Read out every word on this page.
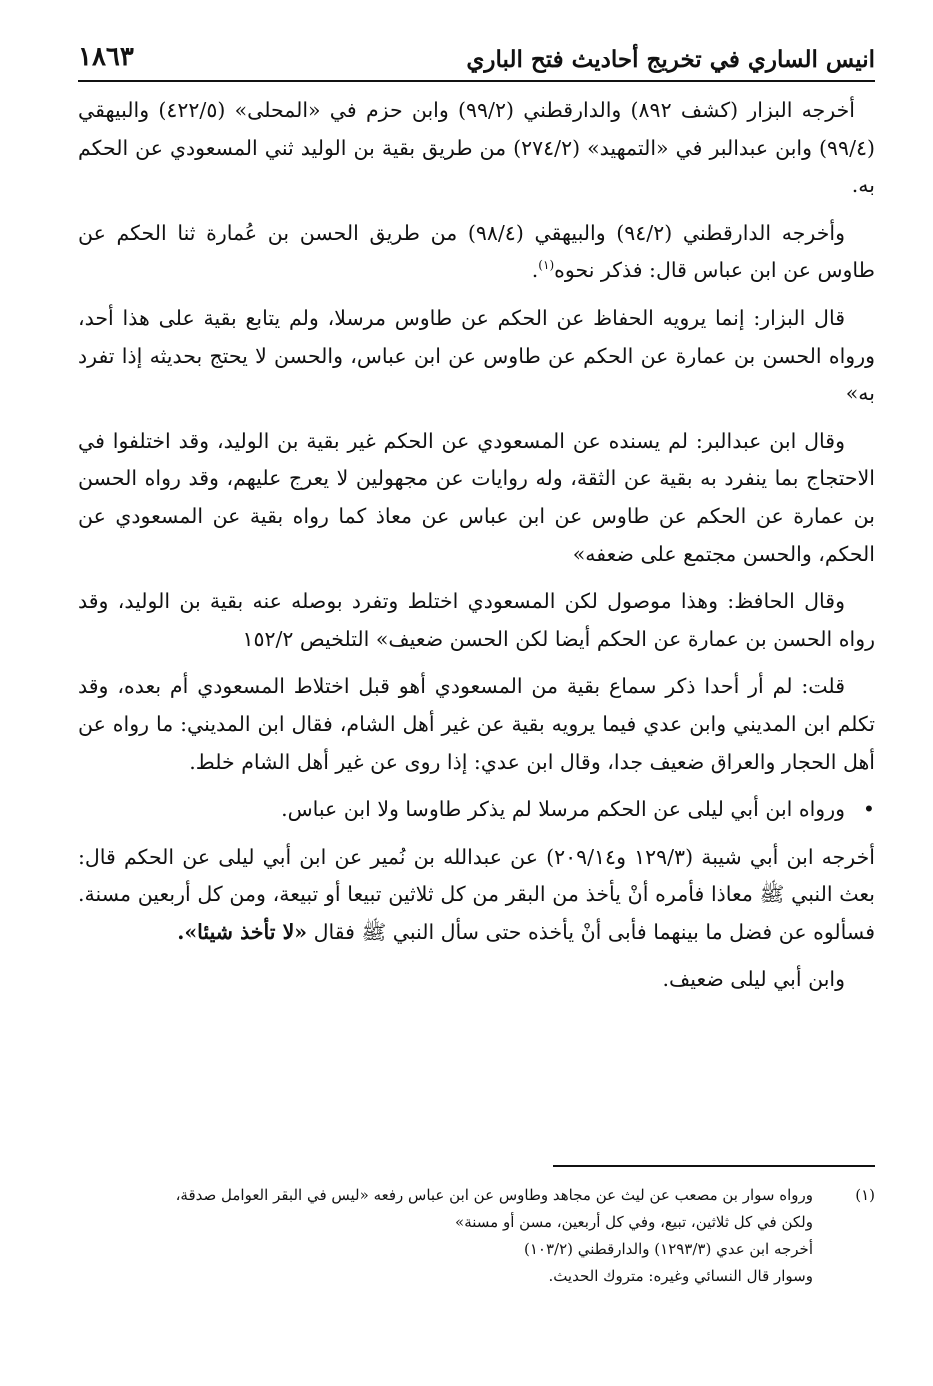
انيس الساري في تخريج أحاديث فتح الباري
١٨٦٣

أخرجه البزار (كشف ٨٩٢) والدارقطني (٩٩/٢) وابن حزم في «المحلى» (٤٢٢/٥) والبيهقي (٩٩/٤) وابن عبدالبر في «التمهيد» (٢٧٤/٢) من طريق بقية بن الوليد ثني المسعودي عن الحكم به.

وأخرجه الدارقطني (٩٤/٢) والبيهقي (٩٨/٤) من طريق الحسن بن عُمارة ثنا الحكم عن طاوس عن ابن عباس قال: فذكر نحوه$^{(١)}$.

قال البزار: إنما يرويه الحفاظ عن الحكم عن طاوس مرسلا، ولم يتابع بقية على هذا أحد، ورواه الحسن بن عمارة عن الحكم عن طاوس عن ابن عباس، والحسن لا يحتج بحديثه إذا تفرد به»

وقال ابن عبدالبر: لم يسنده عن المسعودي عن الحكم غير بقية بن الوليد، وقد اختلفوا في الاحتجاج بما ينفرد به بقية عن الثقة، وله روايات عن مجهولين لا يعرج عليهم، وقد رواه الحسن بن عمارة عن الحكم عن طاوس عن ابن عباس عن معاذ كما رواه بقية عن المسعودي عن الحكم، والحسن مجتمع على ضعفه»

وقال الحافظ: وهذا موصول لكن المسعودي اختلط وتفرد بوصله عنه بقية بن الوليد، وقد رواه الحسن بن عمارة عن الحكم أيضا لكن الحسن ضعيف» التلخيص ١٥٢/٢

قلت: لم أر أحدا ذكر سماع بقية من المسعودي أهو قبل اختلاط المسعودي أم بعده، وقد تكلم ابن المديني وابن عدي فيما يرويه بقية عن غير أهل الشام، فقال ابن المديني: ما رواه عن أهل الحجار والعراق ضعيف جدا، وقال ابن عدي: إذا روى عن غير أهل الشام خلط.

•
ورواه ابن أبي ليلى عن الحكم مرسلا لم يذكر طاوسا ولا ابن عباس.

أخرجه ابن أبي شيبة (١٢٩/٣ و٢٠٩/١٤) عن عبدالله بن نُمير عن ابن أبي ليلى عن الحكم قال: بعث النبي ﷺ معاذا فأمره أنْ يأخذ من البقر من كل ثلاثين تبيعا أو تبيعة، ومن كل أربعين مسنة. فسألوه عن فضل ما بينهما فأبى أنْ يأخذه حتى سأل النبي ﷺ فقال «لا تأخذ شيئا».

وابن أبي ليلى ضعيف.

(١)
ورواه سوار بن مصعب عن ليث عن مجاهد وطاوس عن ابن عباس رفعه «ليس في البقر العوامل صدقة،
ولكن في كل ثلاثين، تبيع، وفي كل أربعين، مسن أو مسنة»
أخرجه ابن عدي (١٢٩٣/٣) والدارقطني (١٠٣/٢)
وسوار قال النسائي وغيره: متروك الحديث.
